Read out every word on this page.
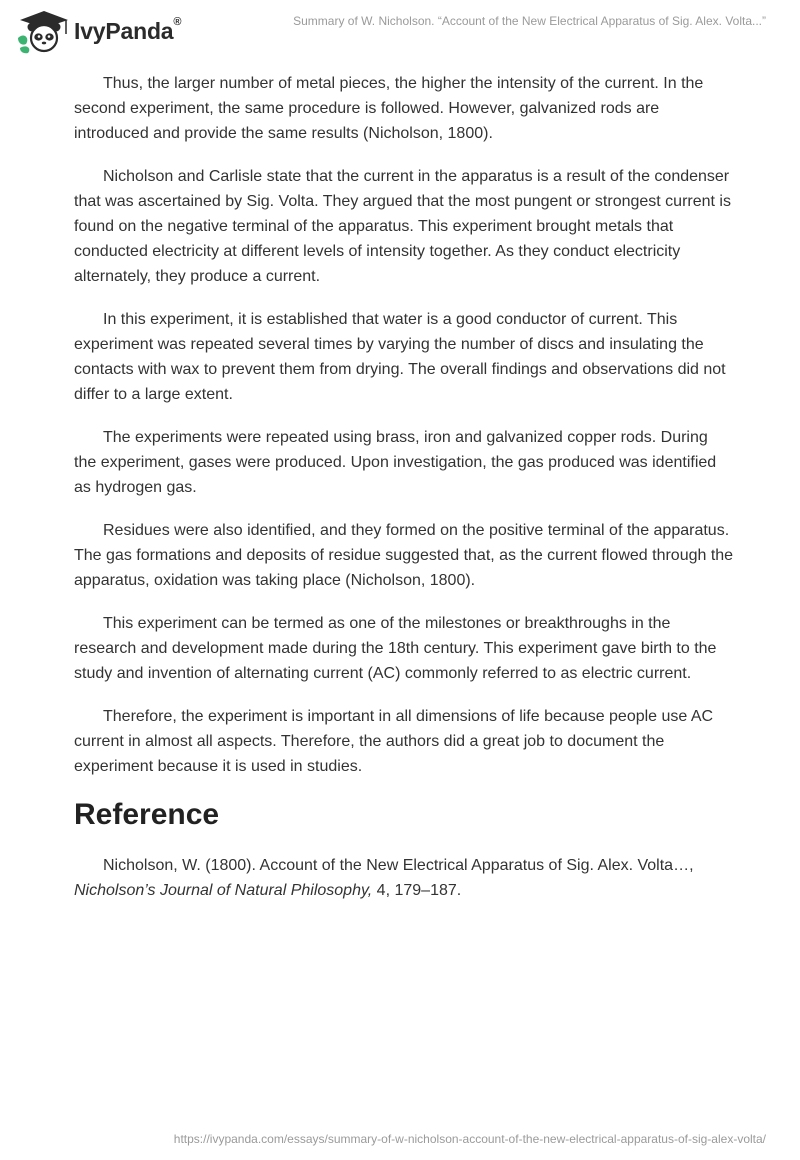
IvyPanda®	Summary of W. Nicholson. “Account of the New Electrical Apparatus of Sig. Alex. Volta...”

Thus, the larger number of metal pieces, the higher the intensity of the current. In the second experiment, the same procedure is followed. However, galvanized rods are introduced and provide the same results (Nicholson, 1800).

Nicholson and Carlisle state that the current in the apparatus is a result of the condenser that was ascertained by Sig. Volta. They argued that the most pungent or strongest current is found on the negative terminal of the apparatus. This experiment brought metals that conducted electricity at different levels of intensity together. As they conduct electricity alternately, they produce a current.

In this experiment, it is established that water is a good conductor of current. This experiment was repeated several times by varying the number of discs and insulating the contacts with wax to prevent them from drying. The overall findings and observations did not differ to a large extent.

The experiments were repeated using brass, iron and galvanized copper rods. During the experiment, gases were produced. Upon investigation, the gas produced was identified as hydrogen gas.

Residues were also identified, and they formed on the positive terminal of the apparatus. The gas formations and deposits of residue suggested that, as the current flowed through the apparatus, oxidation was taking place (Nicholson, 1800).

This experiment can be termed as one of the milestones or breakthroughs in the research and development made during the 18th century. This experiment gave birth to the study and invention of alternating current (AC) commonly referred to as electric current.

Therefore, the experiment is important in all dimensions of life because people use AC current in almost all aspects. Therefore, the authors did a great job to document the experiment because it is used in studies.

Reference

Nicholson, W. (1800). Account of the New Electrical Apparatus of Sig. Alex. Volta…, Nicholson’s Journal of Natural Philosophy, 4, 179–187.

https://ivypanda.com/essays/summary-of-w-nicholson-account-of-the-new-electrical-apparatus-of-sig-alex-volta/
